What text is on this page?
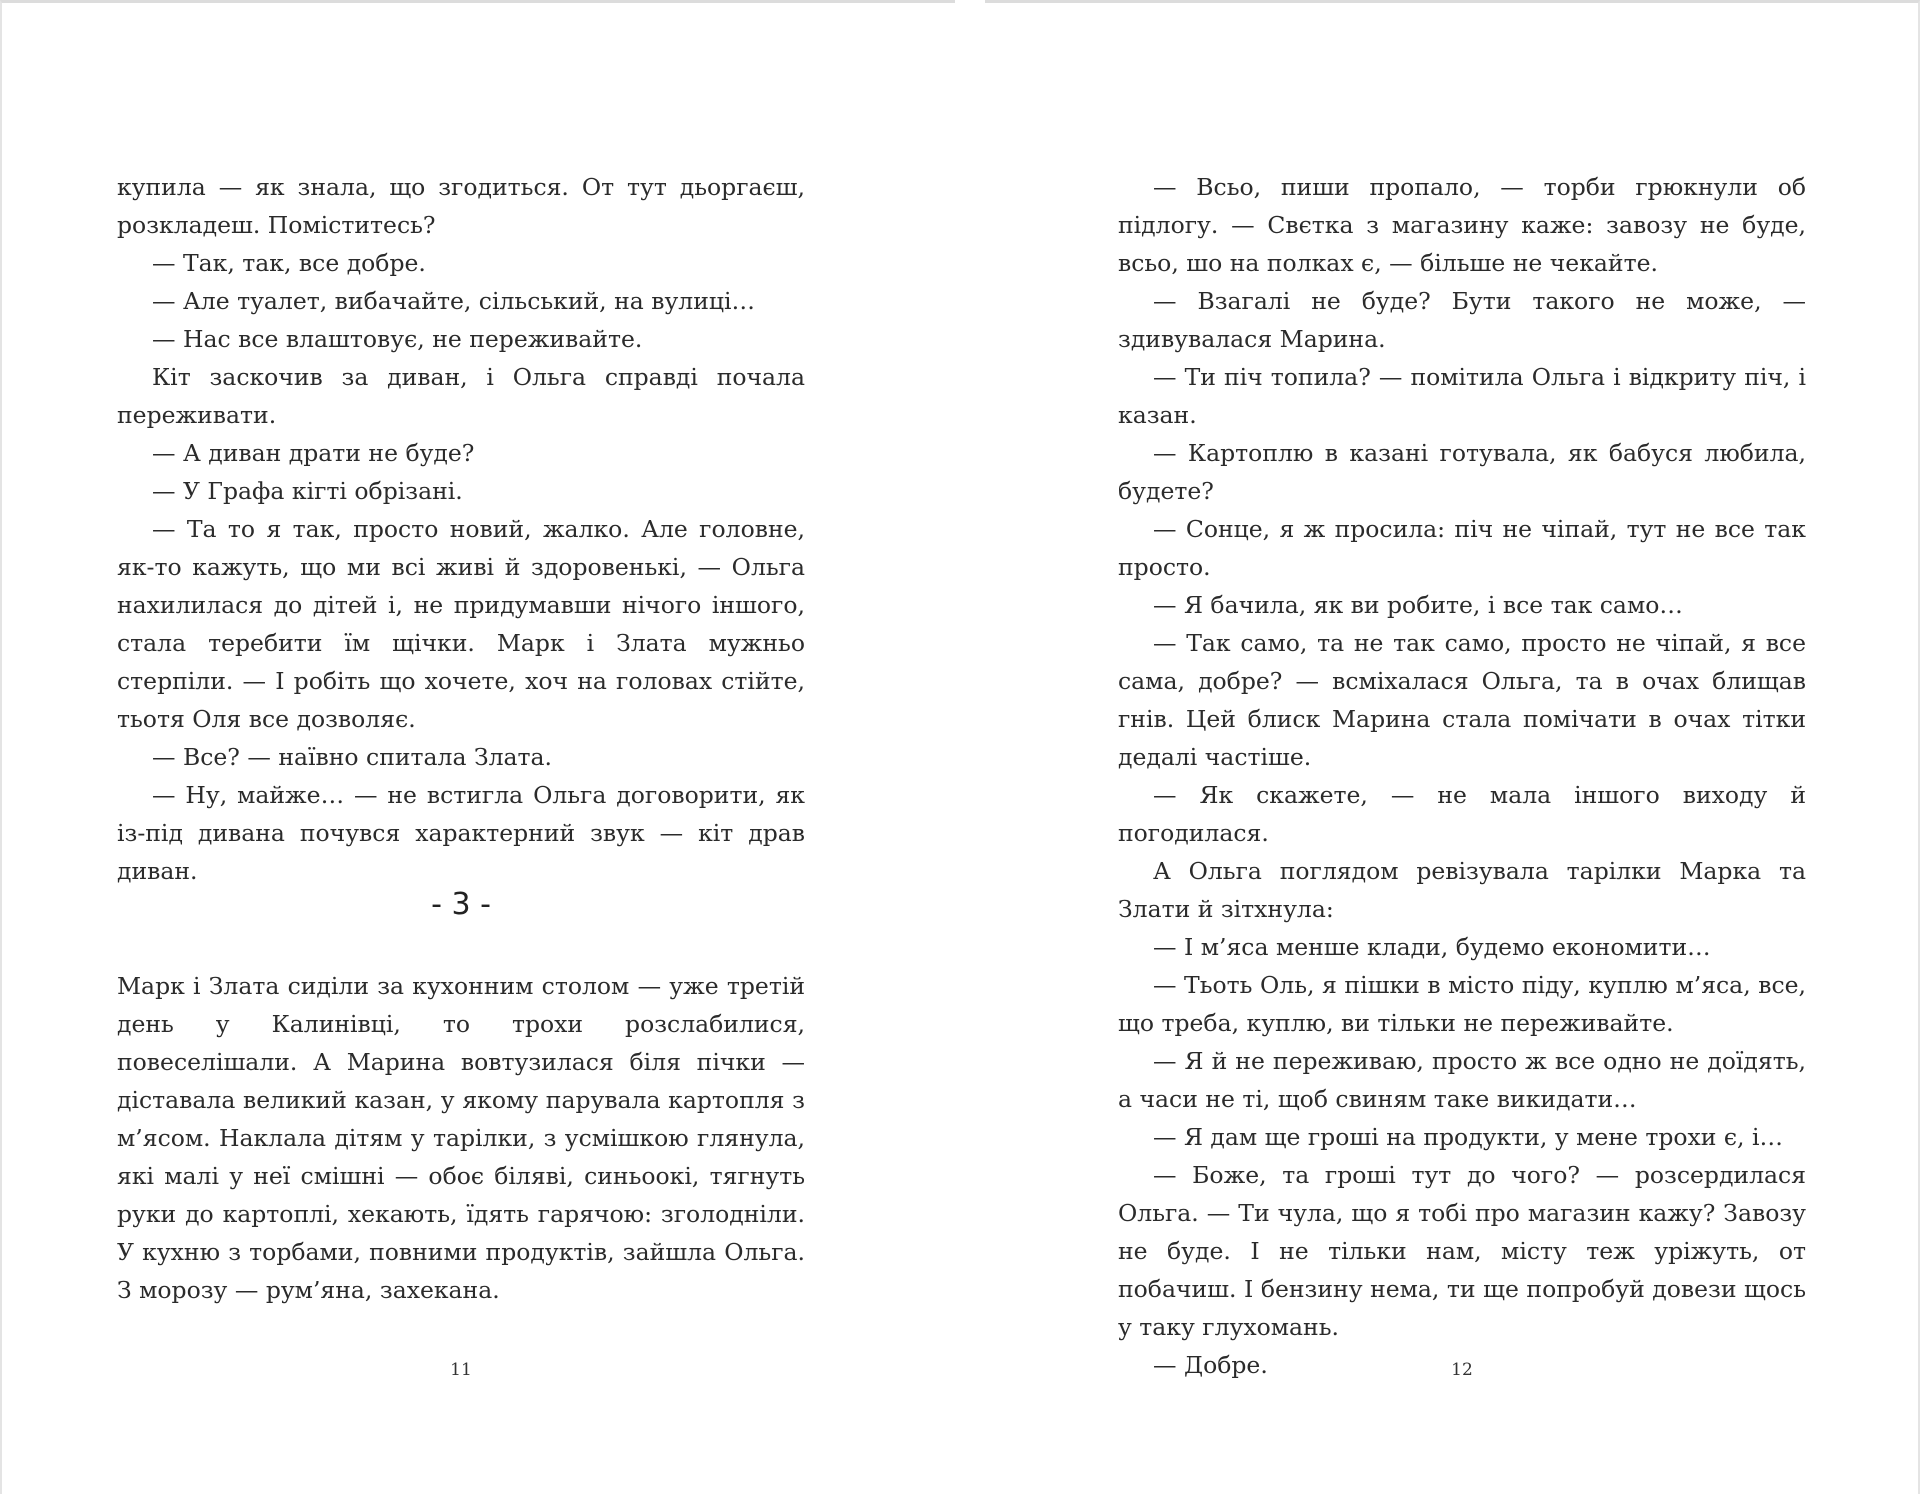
купила — як знала, що згодиться. От тут дьоргаєш, розкладеш. Поміститесь?

— Так, так, все добре.

— Але туалет, вибачайте, сільський, на вулиці…

— Нас все влаштовує, не переживайте.

Кіт заскочив за диван, і Ольга справді почала переживати.

— А диван драти не буде?

— У Графа кігті обрізані.

— Та то я так, просто новий, жалко. Але головне, як-то кажуть, що ми всі живі й здоровенькі, — Ольга нахилилася до дітей і, не придумавши нічого іншого, стала теребити їм щічки. Марк і Злата мужньо стерпіли. — І робіть що хочете, хоч на головах стійте, тьотя Оля все дозволяє.

— Все? — наївно спитала Злата.

— Ну, майже… — не встигла Ольга договорити, як із-під дивана почувся характерний звук — кіт драв диван.

- 3 -

Марк і Злата сиділи за кухонним столом — уже третій день у Калинівці, то трохи розслабилися, повеселішали. А Марина вовтузилася біля пічки — діставала великий казан, у якому парувала картопля з м’ясом. Наклала дітям у тарілки, з усмішкою глянула, які малі у неї смішні — обоє біляві, синьоокі, тягнуть руки до картоплі, хекають, їдять гарячою: зголодніли. У кухню з торбами, повними продуктів, зайшла Ольга. З морозу — рум’яна, захекана.

11

— Всьо, пиши пропало, — торби грюкнули об підлогу. — Свєтка з магазину каже: завозу не буде, всьо, шо на полках є, — більше не чекайте.

— Взагалі не буде? Бути такого не може, — здивувалася Марина.

— Ти піч топила? — помітила Ольга і відкриту піч, і казан.

— Картоплю в казані готувала, як бабуся любила, будете?

— Сонце, я ж просила: піч не чіпай, тут не все так просто.

— Я бачила, як ви робите, і все так само…

— Так само, та не так само, просто не чіпай, я все сама, добре? — всміхалася Ольга, та в очах блищав гнів. Цей блиск Марина стала помічати в очах тітки дедалі частіше.

— Як скажете, — не мала іншого виходу й погодилася.

А Ольга поглядом ревізувала тарілки Марка та Злати й зітхнула:

— І м’яса менше клади, будемо економити…

— Тьоть Оль, я пішки в місто піду, куплю м’яса, все, що треба, куплю, ви тільки не переживайте.

— Я й не переживаю, просто ж все одно не доїдять, а часи не ті, щоб свиням таке викидати…

— Я дам ще гроші на продукти, у мене трохи є, і…

— Боже, та гроші тут до чого? — розсердилася Ольга. — Ти чула, що я тобі про магазин кажу? Завозу не буде. І не тільки нам, місту теж уріжуть, от побачиш. І бензину нема, ти ще попробуй довези щось у таку глухомань.

— Добре.	12
